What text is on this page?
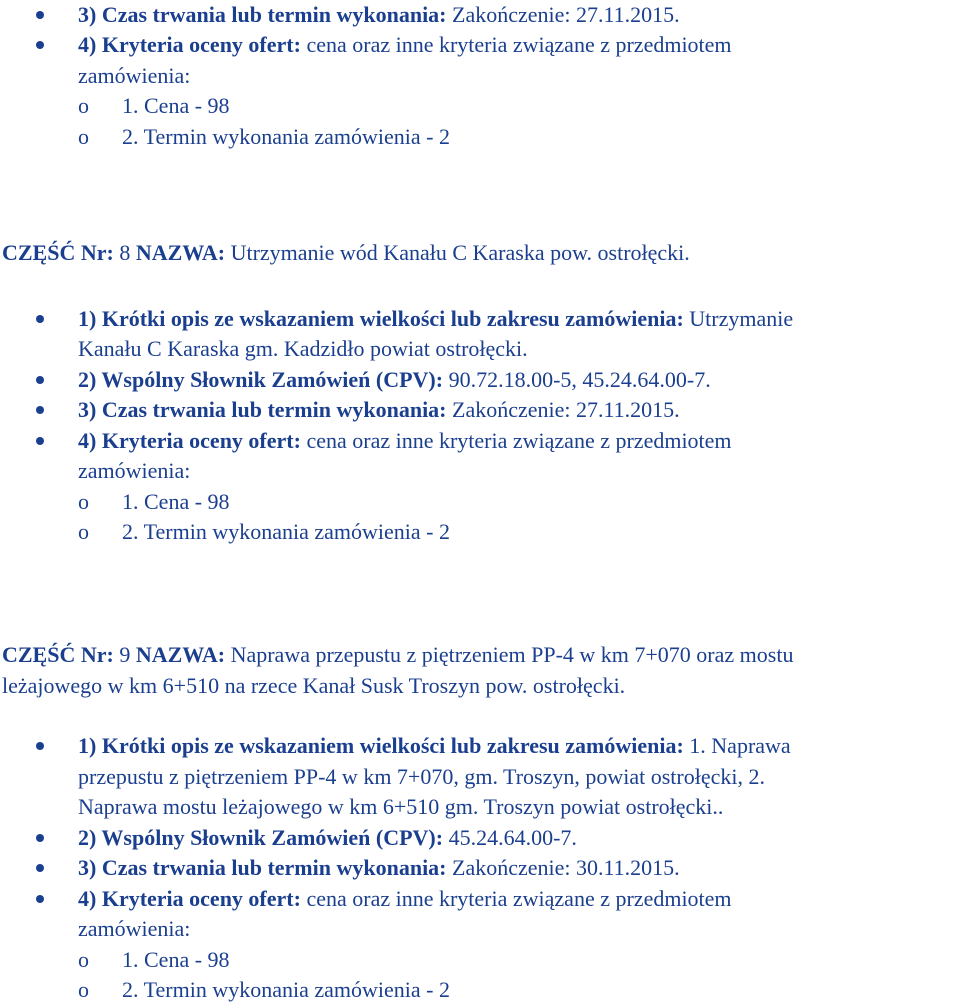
3) Czas trwania lub termin wykonania: Zakończenie: 27.11.2015.
4) Kryteria oceny ofert: cena oraz inne kryteria związane z przedmiotem
zamówienia:
o 1. Cena - 98
o 2. Termin wykonania zamówienia - 2
CZĘŚĆ Nr: 8 NAZWA: Utrzymanie wód Kanału C Karaska pow. ostrołęcki.
1) Krótki opis ze wskazaniem wielkości lub zakresu zamówienia: Utrzymanie
Kanału C Karaska gm. Kadzidło powiat ostrołęcki.
2) Wspólny Słownik Zamówień (CPV): 90.72.18.00-5, 45.24.64.00-7.
3) Czas trwania lub termin wykonania: Zakończenie: 27.11.2015.
4) Kryteria oceny ofert: cena oraz inne kryteria związane z przedmiotem
zamówienia:
o 1. Cena - 98
o 2. Termin wykonania zamówienia - 2
CZĘŚĆ Nr: 9 NAZWA: Naprawa przepustu z piętrzeniem PP-4 w km 7+070 oraz mostu
leżajowego w km 6+510 na rzece Kanał Susk Troszyn pow. ostrołęcki.
1) Krótki opis ze wskazaniem wielkości lub zakresu zamówienia: 1. Naprawa
przepustu z piętrzeniem PP-4 w km 7+070, gm. Troszyn, powiat ostrołęcki, 2.
Naprawa mostu leżajowego w km 6+510 gm. Troszyn powiat ostrołęcki..
2) Wspólny Słownik Zamówień (CPV): 45.24.64.00-7.
3) Czas trwania lub termin wykonania: Zakończenie: 30.11.2015.
4) Kryteria oceny ofert: cena oraz inne kryteria związane z przedmiotem
zamówienia:
o 1. Cena - 98
o 2. Termin wykonania zamówienia - 2
